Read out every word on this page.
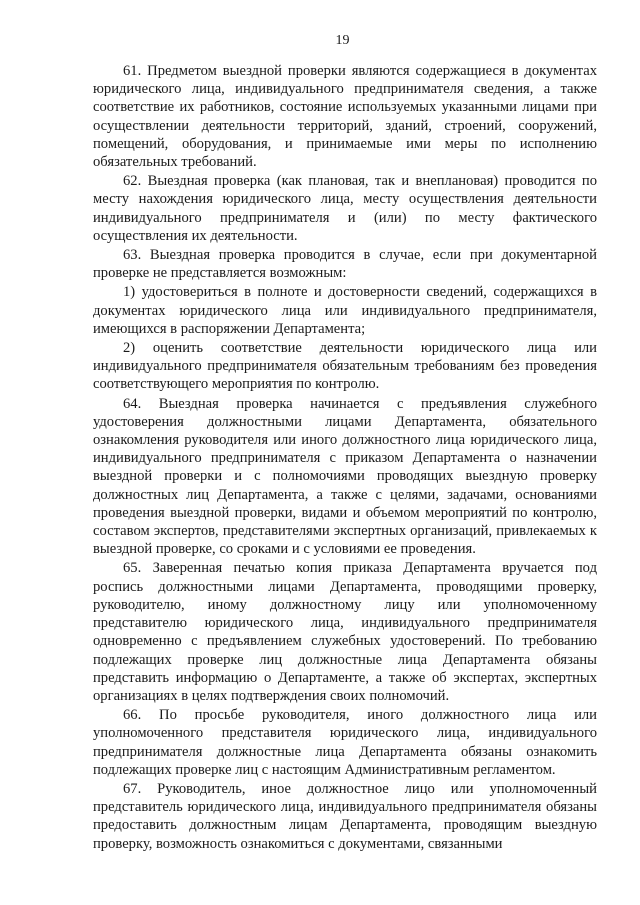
19

61. Предметом выездной проверки являются содержащиеся в документах юридического лица, индивидуального предпринимателя сведения, а также соответствие их работников, состояние используемых указанными лицами при осуществлении деятельности территорий, зданий, строений, сооружений, помещений, оборудования, и принимаемые ими меры по исполнению обязательных требований.

62. Выездная проверка (как плановая, так и внеплановая) проводится по месту нахождения юридического лица, месту осуществления деятельности индивидуального предпринимателя и (или) по месту фактического осуществления их деятельности.

63. Выездная проверка проводится в случае, если при документарной проверке не представляется возможным:

1) удостовериться в полноте и достоверности сведений, содержащихся в документах юридического лица или индивидуального предпринимателя, имеющихся в распоряжении Департамента;

2) оценить соответствие деятельности юридического лица или индивидуального предпринимателя обязательным требованиям без проведения соответствующего мероприятия по контролю.

64. Выездная проверка начинается с предъявления служебного удостоверения должностными лицами Департамента, обязательного ознакомления руководителя или иного должностного лица юридического лица, индивидуального предпринимателя с приказом Департамента о назначении выездной проверки и с полномочиями проводящих выездную проверку должностных лиц Департамента, а также с целями, задачами, основаниями проведения выездной проверки, видами и объемом мероприятий по контролю, составом экспертов, представителями экспертных организаций, привлекаемых к выездной проверке, со сроками и с условиями ее проведения.

65. Заверенная печатью копия приказа Департамента вручается под роспись должностными лицами Департамента, проводящими проверку, руководителю, иному должностному лицу или уполномоченному представителю юридического лица, индивидуального предпринимателя одновременно с предъявлением служебных удостоверений. По требованию подлежащих проверке лиц должностные лица Департамента обязаны представить информацию о Департаменте, а также об экспертах, экспертных организациях в целях подтверждения своих полномочий.

66. По просьбе руководителя, иного должностного лица или уполномоченного представителя юридического лица, индивидуального предпринимателя должностные лица Департамента обязаны ознакомить подлежащих проверке лиц с настоящим Административным регламентом.

67. Руководитель, иное должностное лицо или уполномоченный представитель юридического лица, индивидуального предпринимателя обязаны предоставить должностным лицам Департамента, проводящим выездную проверку, возможность ознакомиться с документами, связанными
